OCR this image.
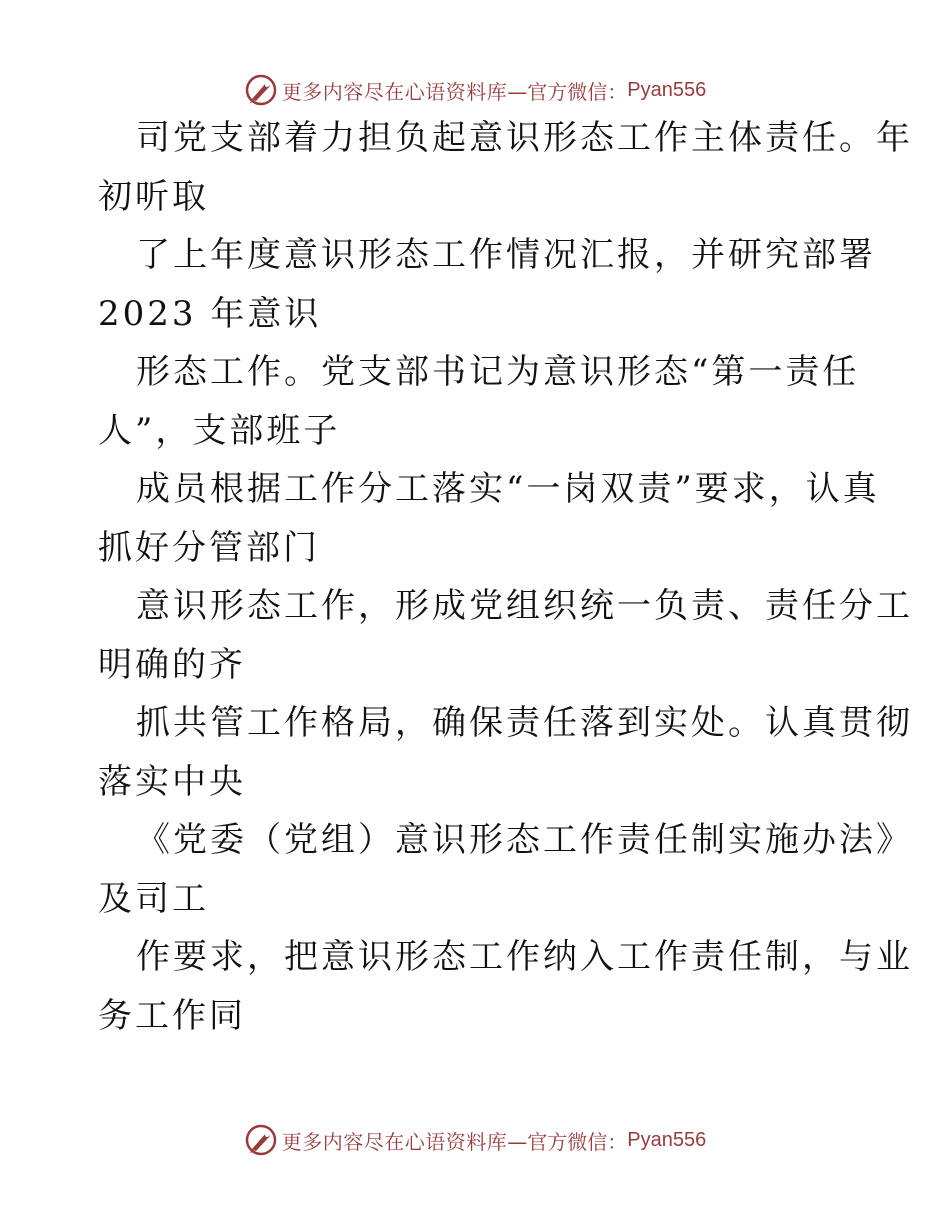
更多内容尽在心语资料库 —官方微信： Pyan556
司党支部着力担负起意识形态工作主体责任。年
初听取
了上年度意识形态工作情况汇报，并研究部署
2023 年意识
形态工作。党支部书记为意识形态“第一责任
人”，支部班子
成员根据工作分工落实“一岗双责”要求，认真
抓好分管部门
意识形态工作，形成党组织统一负责、责任分工
明确的齐
抓共管工作格局，确保责任落到实处。认真贯彻
落实中央
《党委（党组）意识形态工作责任制实施办法》
及司工
作要求，把意识形态工作纳入工作责任制，与业
务工作同
更多内容尽在心语资料库 —官方微信： Pyan556
